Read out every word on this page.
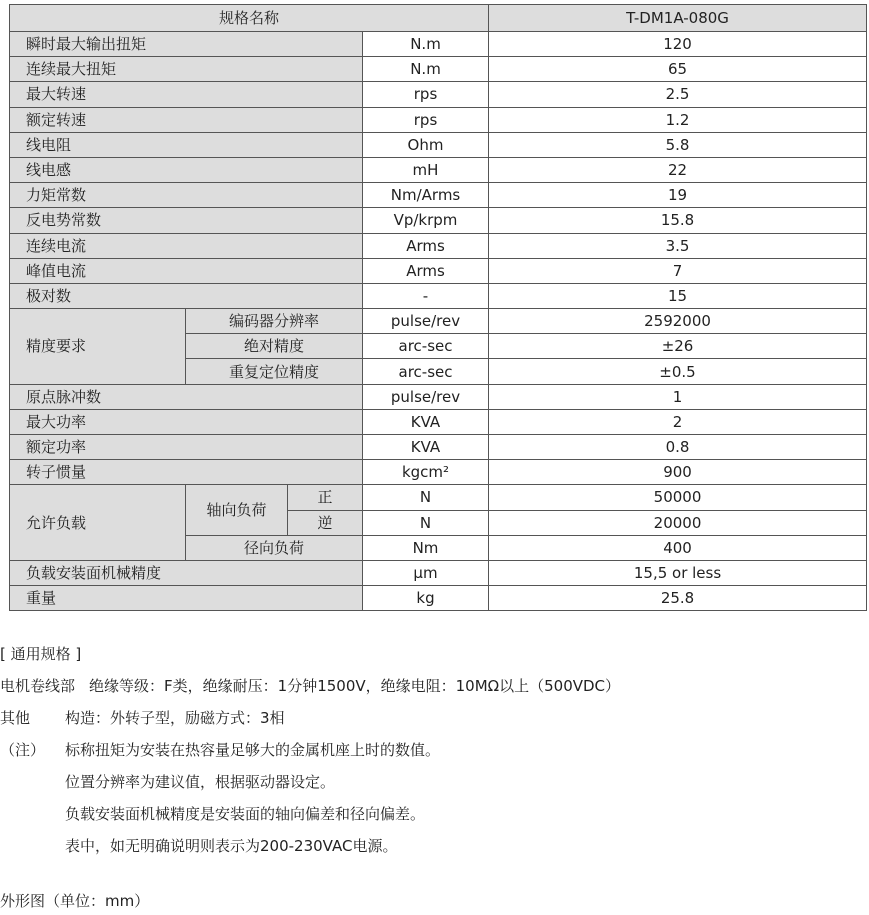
规格名称				T-DM1A-080G
瞬时最大输出扭矩			N.m	120
连续最大扭矩			N.m	65
最大转速			rps	2.5
额定转速			rps	1.2
线电阻			Ohm	5.8
线电感			mH	22
力矩常数			Nm/Arms	19
反电势常数			Vp/krpm	15.8
连续电流			Arms	3.5
峰值电流			Arms	7
极对数			-	15
精度要求	编码器分辨率		pulse/rev	2592000
	绝对精度		arc-sec	±26
	重复定位精度		arc-sec	±0.5
原点脉冲数			pulse/rev	1
最大功率			KVA	2
额定功率			KVA	0.8
转子惯量			kgcm²	900
允许负载	轴向负荷	正	N	50000
		逆	N	20000
	径向负荷		Nm	400
负载安装面机械精度			μm	15,5 or less
重量			kg	25.8
[ 通用规格 ]
电机卷线部 绝缘等级：F类，绝缘耐压：1分钟1500V，绝缘电阻：10MΩ以上（500VDC）
其他 构造：外转子型，励磁方式：3相
（注） 标称扭矩为安装在热容量足够大的金属机座上时的数值。
位置分辨率为建议值，根据驱动器设定。
负载安装面机械精度是安装面的轴向偏差和径向偏差。
表中，如无明确说明则表示为200-230VAC电源。
外形图（单位：mm）
